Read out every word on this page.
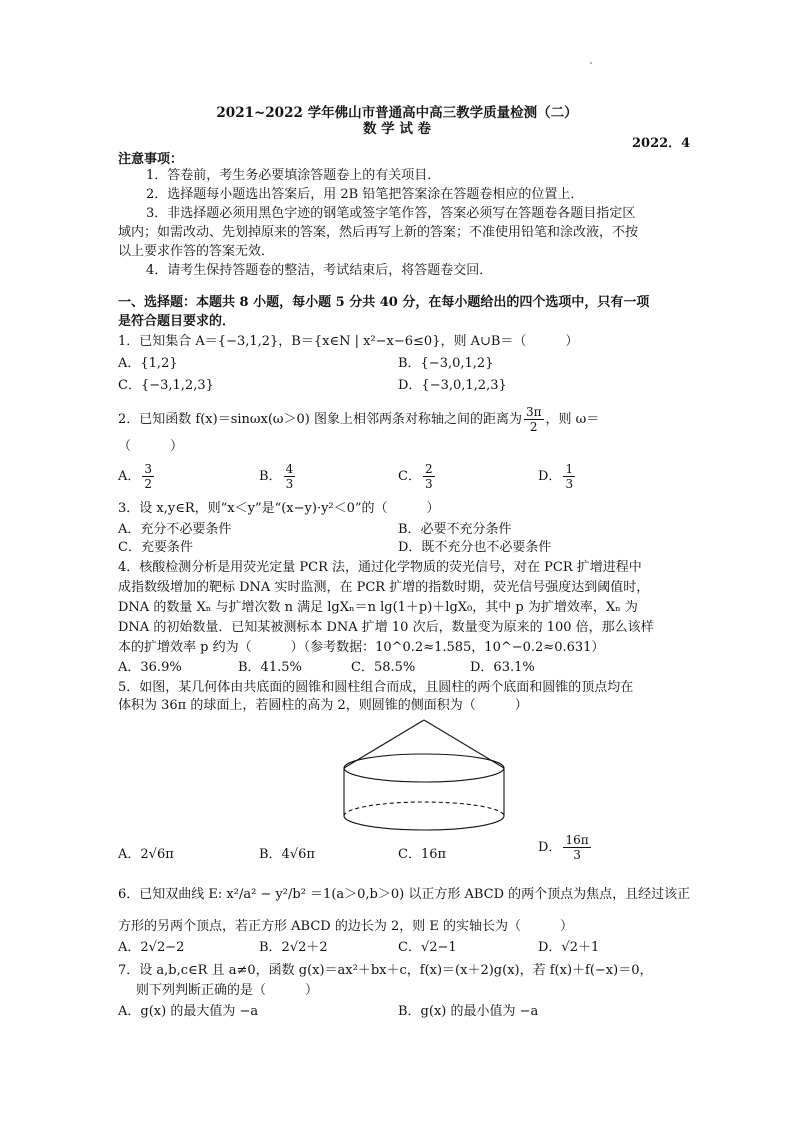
2021~2022 学年佛山市普通高中高三教学质量检测（二）
数 学 试 卷
2022．4
注意事项：
1．答卷前，考生务必要填涂答题卷上的有关项目．
2．选择题每小题选出答案后，用 2B 铅笔把答案涂在答题卷相应的位置上．
3．非选择题必须用黑色字迹的钢笔或签字笔作答，答案必须写在答题卷各题目指定区
域内；如需改动、先划掉原来的答案，然后再写上新的答案；不准使用铅笔和涂改液，不按
以上要求作答的答案无效．
4．请考生保持答题卷的整洁，考试结束后，将答题卷交回．
一、选择题：本题共 8 小题，每小题 5 分共 40 分，在每小题给出的四个选项中，只有一项
是符合题目要求的．
1．已知集合 A＝{−3,1,2}，B＝{x∈N | x²−x−6≤0}，则 A∪B＝（　　　）
A．{1,2}	B．{−3,0,1,2}
C．{−3,1,2,3}	D．{−3,0,1,2,3}
2．已知函数 f(x)＝sinωx(ω＞0) 图象上相邻两条对称轴之间的距离为 $\frac{3\pi}{2}$ ，则 ω＝
（　　　）
A． $\frac{3}{2}$	B． $\frac{4}{3}$	C． $\frac{2}{3}$	D． $\frac{1}{3}$
3．设 x,y∈R，则“x＜y”是“(x−y)·y²＜0”的（　　　）
A．充分不必要条件	B．必要不充分条件
C．充要条件	D．既不充分也不必要条件
4．核酸检测分析是用荧光定量 PCR 法，通过化学物质的荧光信号，对在 PCR 扩增进程中
成指数级增加的靶标 DNA 实时监测，在 PCR 扩增的指数时期，荧光信号强度达到阈值时，
DNA 的数量 Xₙ 与扩增次数 n 满足 lgXₙ＝n lg(1＋p)＋lgX₀，其中 p 为扩增效率，Xₙ 为
DNA 的初始数量．已知某被测标本 DNA 扩增 10 次后，数量变为原来的 100 倍，那么该样
本的扩增效率 p 约为（　　　）（参考数据：10^0.2≈1.585，10^−0.2≈0.631）
A．36.9%	B．41.5%	C．58.5%	D．63.1%
5．如图，某几何体由共底面的圆锥和圆柱组合而成，且圆柱的两个底面和圆锥的顶点均在
体积为 36π 的球面上，若圆柱的高为 2，则圆锥的侧面积为（　　　）
A．2√6π	B．4√6π	C．16π	D． $\frac{16\pi}{3}$
6．已知双曲线 E: x²/a² − y²/b² ＝1(a＞0,b＞0) 以正方形 ABCD 的两个顶点为焦点，且经过该正
方形的另两个顶点，若正方形 ABCD 的边长为 2，则 E 的实轴长为（　　　）
A．2√2−2	B．2√2＋2	C．√2−1	D．√2＋1
7．设 a,b,c∈R 且 a≠0，函数 g(x)＝ax²＋bx＋c，f(x)＝(x＋2)g(x)，若 f(x)＋f(−x)＝0，
则下列判断正确的是（　　　）
A．g(x) 的最大值为 −a	B．g(x) 的最小值为 −a
